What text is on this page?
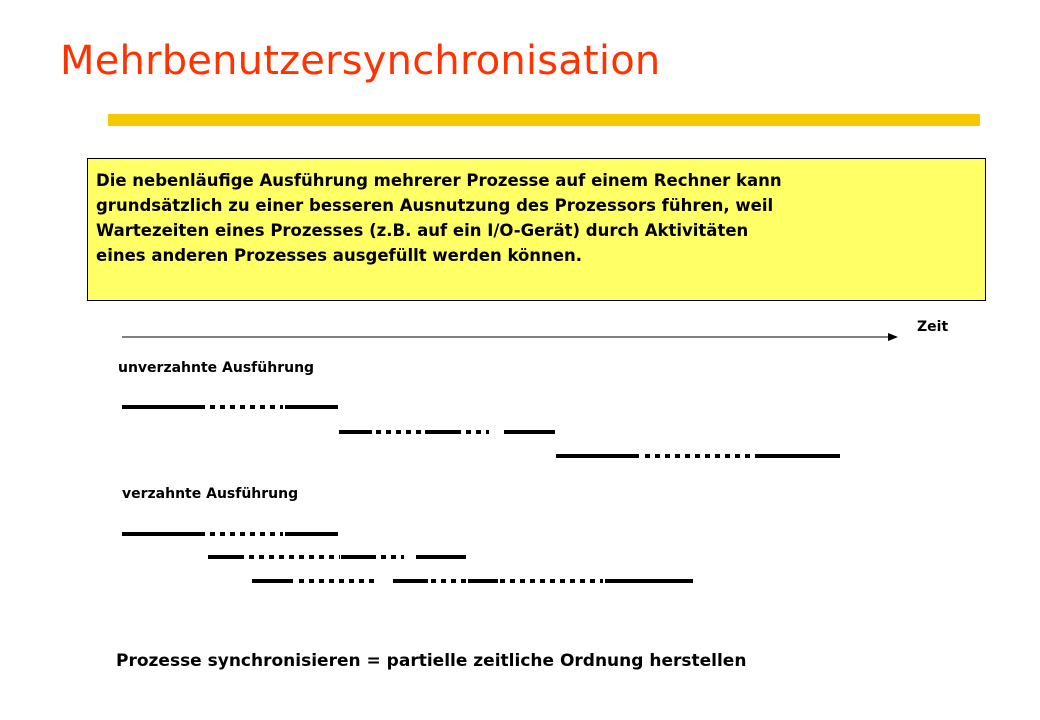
Mehrbenutzersynchronisation
Die nebenläufige Ausführung mehrerer Prozesse auf einem Rechner kann
grundsätzlich zu einer besseren Ausnutzung des Prozessors führen, weil
Wartezeiten eines Prozesses (z.B. auf ein I/O-Gerät) durch Aktivitäten
eines anderen Prozesses ausgefüllt werden können.
Zeit
unverzahnte Ausführung
verzahnte Ausführung
Prozesse synchronisieren = partielle zeitliche Ordnung herstellen
